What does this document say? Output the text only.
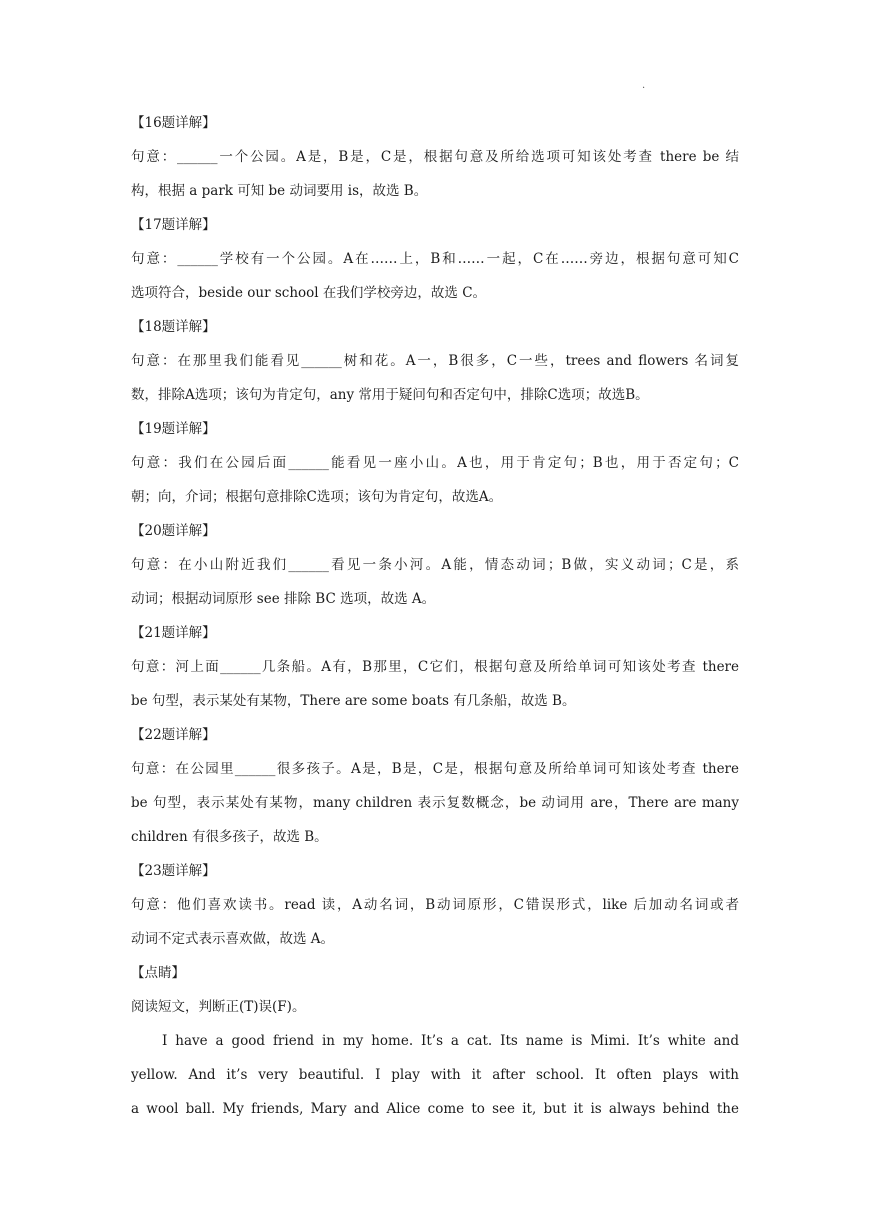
.
【16题详解】
句意：______一个公园。A是，B是，C是，根据句意及所给选项可知该处考查 there be 结
构，根据 a park 可知 be 动词要用 is，故选 B。
【17题详解】
句意：______学校有一个公园。A在……上，B和……一起，C在……旁边，根据句意可知C
选项符合，beside our school 在我们学校旁边，故选 C。
【18题详解】
句意：在那里我们能看见______树和花。A一，B很多，C一些，trees and flowers 名词复
数，排除A选项；该句为肯定句，any 常用于疑问句和否定句中，排除C选项；故选B。
【19题详解】
句意：我们在公园后面______能看见一座小山。A也，用于肯定句；B也，用于否定句；C
朝；向，介词；根据句意排除C选项；该句为肯定句，故选A。
【20题详解】
句意：在小山附近我们______看见一条小河。A能，情态动词；B做，实义动词；C是，系
动词；根据动词原形 see 排除 BC 选项，故选 A。
【21题详解】
句意：河上面______几条船。A有，B那里，C它们，根据句意及所给单词可知该处考查 there
be 句型，表示某处有某物，There are some boats 有几条船，故选 B。
【22题详解】
句意：在公园里______很多孩子。A是，B是，C是，根据句意及所给单词可知该处考查 there
be 句型，表示某处有某物，many children 表示复数概念，be 动词用 are，There are many
children 有很多孩子，故选 B。
【23题详解】
句意：他们喜欢读书。read 读，A动名词，B动词原形，C错误形式，like 后加动名词或者
动词不定式表示喜欢做，故选 A。
【点睛】
阅读短文，判断正(T)误(F)。
I have a good friend in my home. It’s a cat. Its name is Mimi. It’s white and
yellow. And it’s very beautiful. I play with it after school. It often plays with
a wool ball. My friends, Mary and Alice come to see it, but it is always behind the
